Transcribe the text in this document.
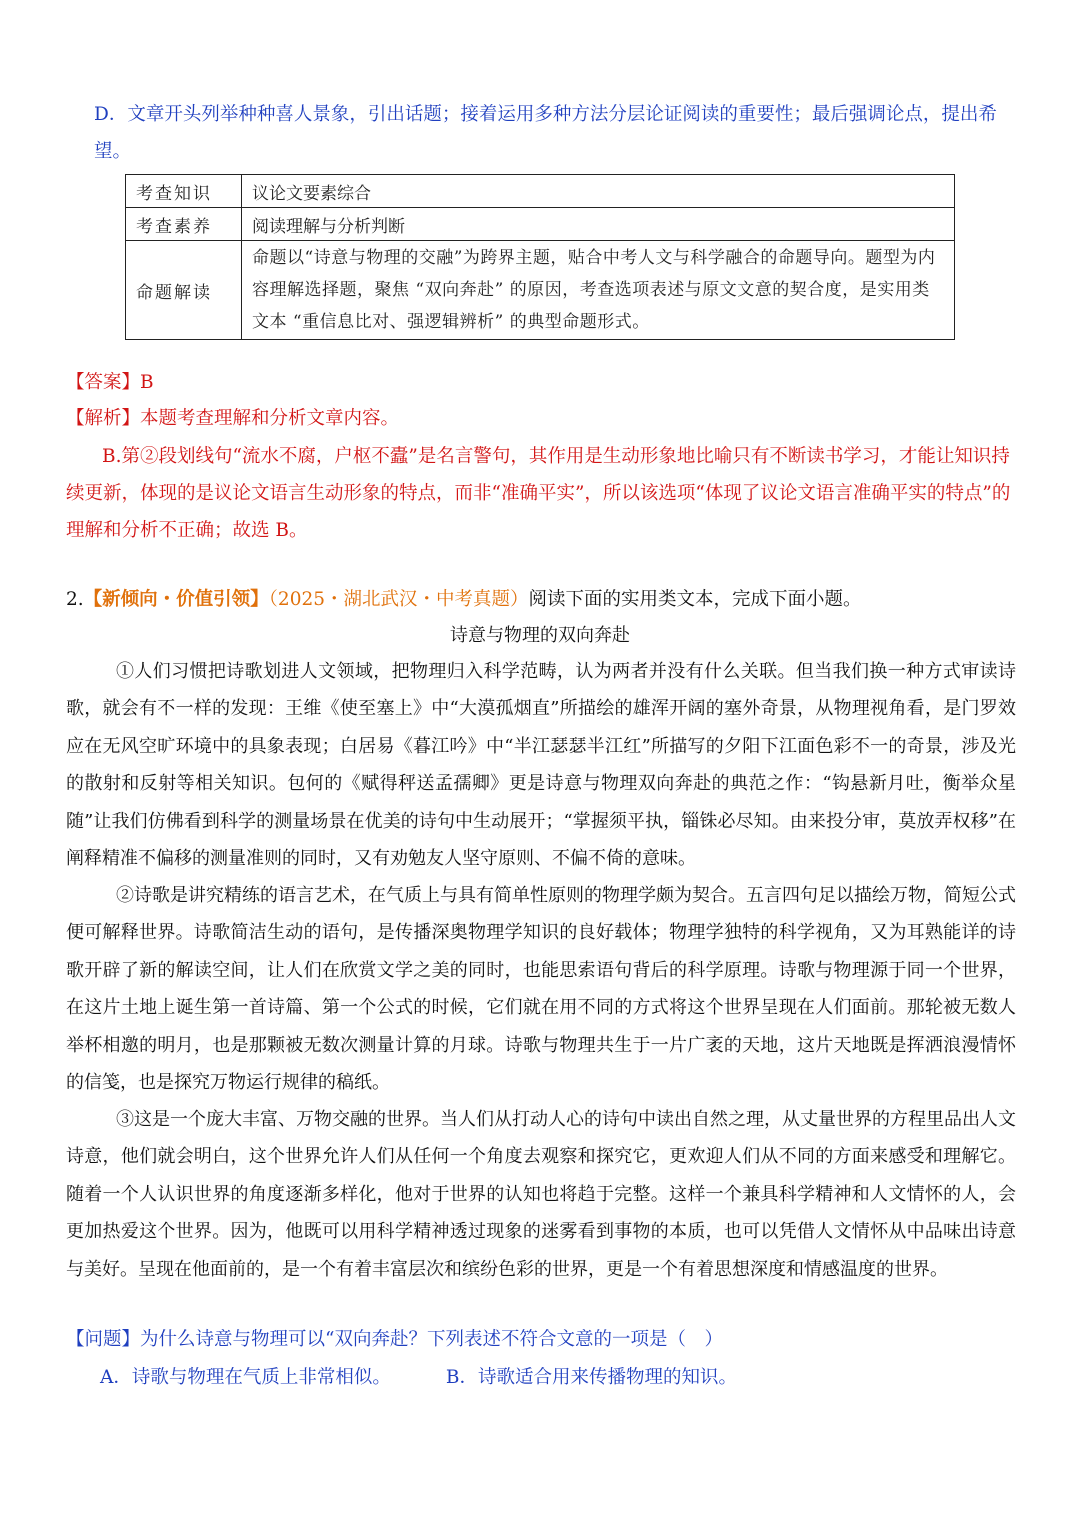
D．文章开头列举种种喜人景象，引出话题；接着运用多种方法分层论证阅读的重要性；最后强调论点，提出希望。
考查知识	议论文要素综合
考查素养	阅读理解与分析判断
命题解读	命题以“诗意与物理的交融”为跨界主题，贴合中考人文与科学融合的命题导向。题型为内容理解选择题，聚焦 “双向奔赴” 的原因，考查选项表述与原文文意的契合度，是实用类文本 “重信息比对、强逻辑辨析” 的典型命题形式。
【答案】B
【解析】本题考查理解和分析文章内容。
B.第②段划线句“流水不腐，户枢不蠹”是名言警句，其作用是生动形象地比喻只有不断读书学习，才能让知识持续更新，体现的是议论文语言生动形象的特点，而非“准确平实”，所以该选项“体现了议论文语言准确平实的特点”的理解和分析不正确；故选 B。
2.【新倾向・价值引领】（2025・湖北武汉・中考真题）阅读下面的实用类文本，完成下面小题。
诗意与物理的双向奔赴
①人们习惯把诗歌划进人文领域，把物理归入科学范畴，认为两者并没有什么关联。但当我们换一种方式审读诗歌，就会有不一样的发现：王维《使至塞上》中“大漠孤烟直”所描绘的雄浑开阔的塞外奇景，从物理视角看，是门罗效应在无风空旷环境中的具象表现；白居易《暮江吟》中“半江瑟瑟半江红”所描写的夕阳下江面色彩不一的奇景，涉及光的散射和反射等相关知识。包何的《赋得秤送孟孺卿》更是诗意与物理双向奔赴的典范之作：“钩悬新月吐，衡举众星随”让我们仿佛看到科学的测量场景在优美的诗句中生动展开；“掌握须平执，锱铢必尽知。由来投分审，莫放弄权移”在阐释精准不偏移的测量准则的同时，又有劝勉友人坚守原则、不偏不倚的意味。
②诗歌是讲究精练的语言艺术，在气质上与具有简单性原则的物理学颇为契合。五言四句足以描绘万物，简短公式便可解释世界。诗歌简洁生动的语句，是传播深奥物理学知识的良好载体；物理学独特的科学视角，又为耳熟能详的诗歌开辟了新的解读空间，让人们在欣赏文学之美的同时，也能思索语句背后的科学原理。诗歌与物理源于同一个世界，在这片土地上诞生第一首诗篇、第一个公式的时候，它们就在用不同的方式将这个世界呈现在人们面前。那轮被无数人举杯相邀的明月，也是那颗被无数次测量计算的月球。诗歌与物理共生于一片广袤的天地，这片天地既是挥洒浪漫情怀的信笺，也是探究万物运行规律的稿纸。
③这是一个庞大丰富、万物交融的世界。当人们从打动人心的诗句中读出自然之理，从丈量世界的方程里品出人文诗意，他们就会明白，这个世界允许人们从任何一个角度去观察和探究它，更欢迎人们从不同的方面来感受和理解它。随着一个人认识世界的角度逐渐多样化，他对于世界的认知也将趋于完整。这样一个兼具科学精神和人文情怀的人，会更加热爱这个世界。因为，他既可以用科学精神透过现象的迷雾看到事物的本质，也可以凭借人文情怀从中品味出诗意与美好。呈现在他面前的，是一个有着丰富层次和缤纷色彩的世界，更是一个有着思想深度和情感温度的世界。
【问题】为什么诗意与物理可以“双向奔赴？下列表述不符合文意的一项是（　）
A．诗歌与物理在气质上非常相似。	B．诗歌适合用来传播物理的知识。
